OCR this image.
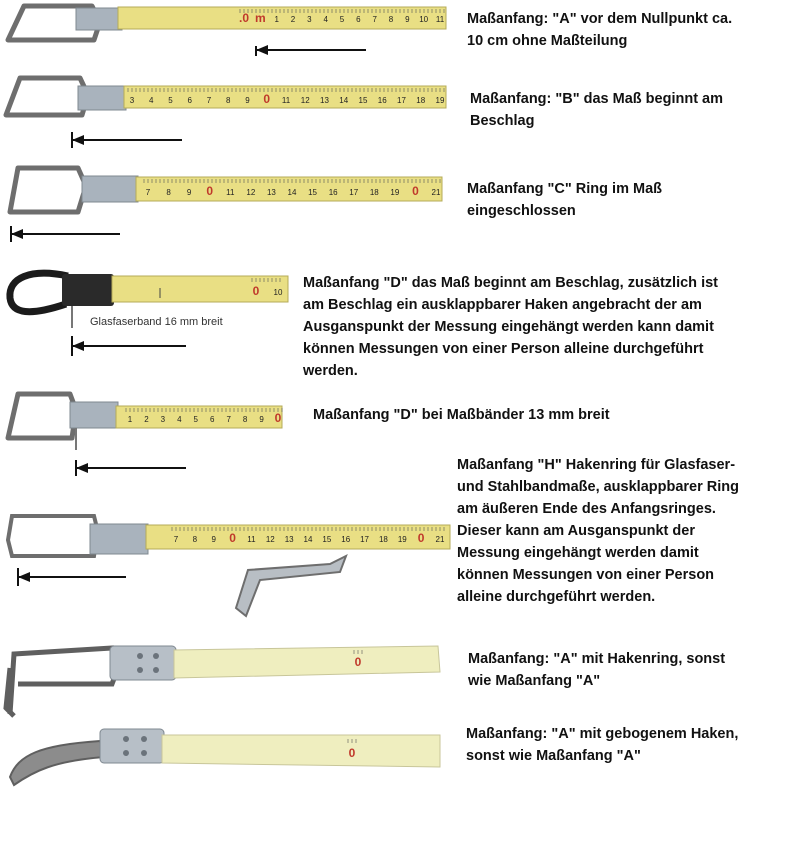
.0 m 1 2 3 4 5 6 7 8 9 10 11 Maßanfang: "A" vor dem Nullpunkt ca.
10 cm ohne Maßteilung
3 4 5 6 7 8 9 0 11 12 13 14 15 16 17 18 19 Maßanfang: "B" das Maß beginnt am
Beschlag
7 8 9 0 11 12 13 14 15 16 17 18 19 0 21 Maßanfang "C" Ring im Maß
eingeschlossen
0 10
Glasfaserband 16 mm breit
Maßanfang "D" das Maß beginnt am Beschlag, zusätzlich ist
am Beschlag ein ausklappbarer Haken angebracht der am
Ausganspunkt der Messung eingehängt werden kann damit
können Messungen von einer Person alleine durchgeführt
werden.
1 2 3 4 5 6 7 8 9 0 Maßanfang "D" bei Maßbänder 13 mm breit
7 8 9 0 11 12 13 14 15 16 17 18 19 0 21
Maßanfang "H" Hakenring für Glasfaser-
und Stahlbandmaße, ausklappbarer Ring
am äußeren Ende des Anfangsringes.
Dieser kann am Ausganspunkt der
Messung eingehängt werden damit
können Messungen von einer Person
alleine durchgeführt werden.
0	Maßanfang: "A" mit Hakenring, sonst
wie Maßanfang "A"
0
Maßanfang: "A" mit gebogenem Haken,
sonst wie Maßanfang "A"
